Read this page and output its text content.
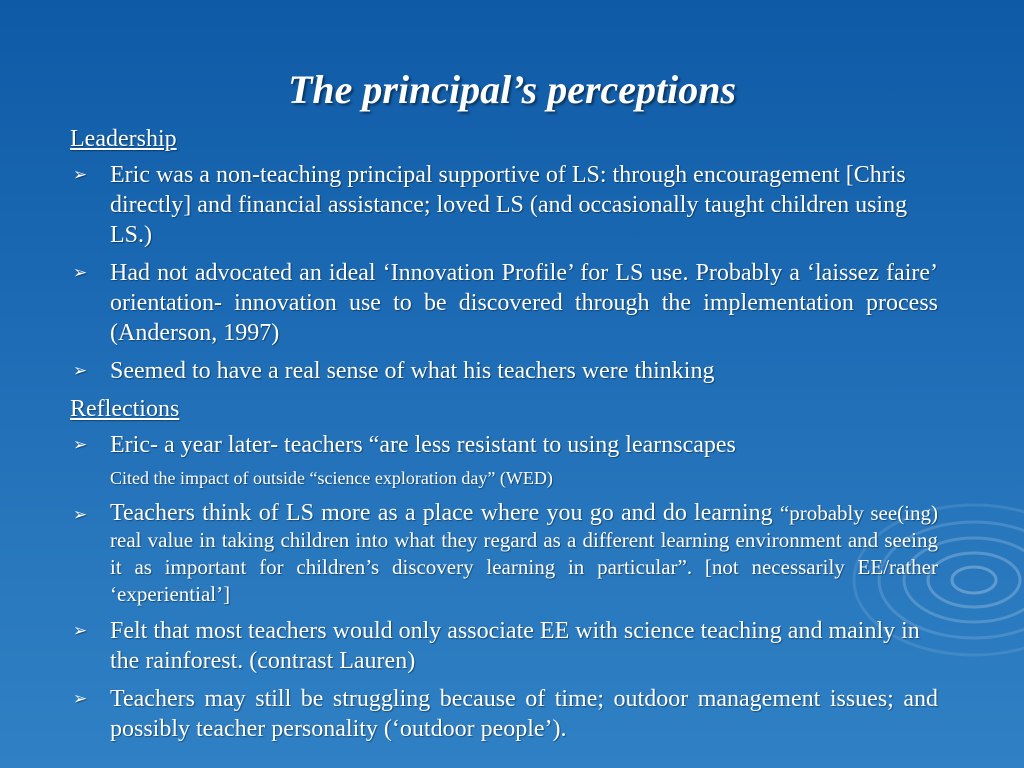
The principal’s perceptions
Leadership
➢ Eric was a non-teaching principal supportive of LS: through encouragement [Chris directly] and financial assistance; loved LS (and occasionally taught children using LS.)
➢ Had not advocated an ideal ‘Innovation Profile’ for LS use. Probably a ‘laissez faire’ orientation- innovation use to be discovered through the implementation process (Anderson, 1997)
➢ Seemed to have a real sense of what his teachers were thinking
Reflections
➢ Eric- a year later- teachers “are less resistant to using learnscapes
Cited the impact of outside “science exploration day” (WED)
➢ Teachers think of LS more as a place where you go and do learning “probably see(ing) real value in taking children into what they regard as a different learning environment and seeing it as important for children’s discovery learning in particular”. [not necessarily EE/rather ‘experiential’]
➢ Felt that most teachers would only associate EE with science teaching and mainly in the rainforest. (contrast Lauren)
➢ Teachers may still be struggling because of time; outdoor management issues; and possibly teacher personality (‘outdoor people’).
